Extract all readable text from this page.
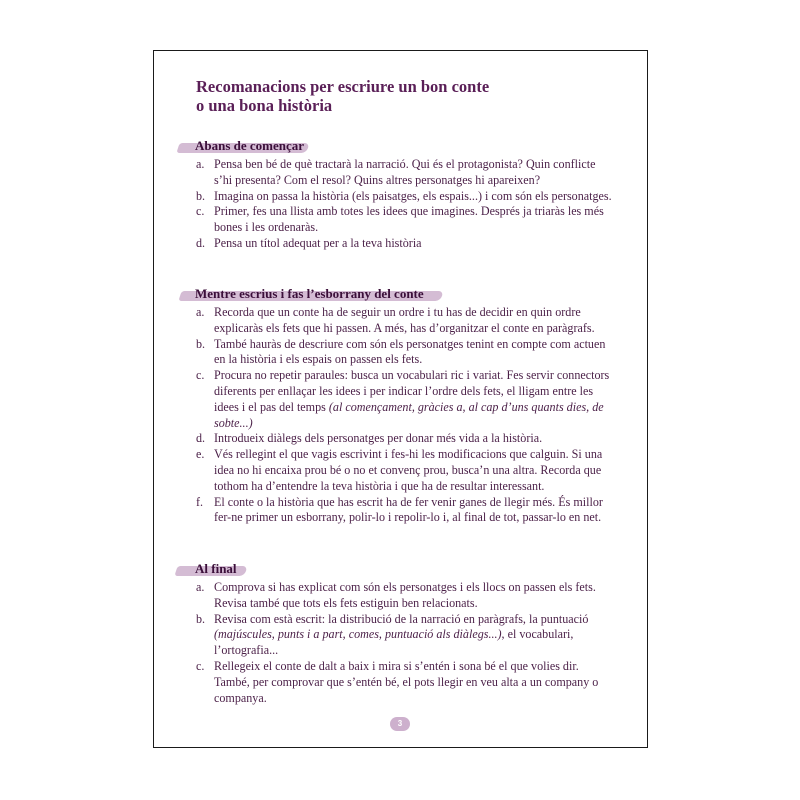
Recomanacions per escriure un bon conte
o una bona història
Abans de començar
a. Pensa ben bé de què tractarà la narració. Qui és el protagonista? Quin conflicte s’hi presenta? Com el resol? Quins altres personatges hi apareixen?
b. Imagina on passa la història (els paisatges, els espais...) i com són els personatges.
c. Primer, fes una llista amb totes les idees que imagines. Després ja triaràs les més bones i les ordenaràs.
d. Pensa un títol adequat per a la teva història
Mentre escrius i fas l’esborrany del conte
a. Recorda que un conte ha de seguir un ordre i tu has de decidir en quin ordre explicaràs els fets que hi passen. A més, has d’organitzar el conte en paràgrafs.
b. També hauràs de descriure com són els personatges tenint en compte com actuen en la història i els espais on passen els fets.
c. Procura no repetir paraules: busca un vocabulari ric i variat. Fes servir connectors diferents per enllaçar les idees i per indicar l’ordre dels fets, el lligam entre les idees i el pas del temps (al començament, gràcies a, al cap d’uns quants dies, de sobte...)
d. Introdueix diàlegs dels personatges per donar més vida a la història.
e. Vés rellegint el que vagis escrivint i fes-hi les modificacions que calguin. Si una idea no hi encaixa prou bé o no et convenç prou, busca’n una altra. Recorda que tothom ha d’entendre la teva història i que ha de resultar interessant.
f. El conte o la història que has escrit ha de fer venir ganes de llegir més. És millor fer-ne primer un esborrany, polir-lo i repolir-lo i, al final de tot, passar-lo en net.
Al final
a. Comprova si has explicat com són els personatges i els llocs on passen els fets. Revisa també que tots els fets estiguin ben relacionats.
b. Revisa com està escrit: la distribució de la narració en paràgrafs, la puntuació (majúscules, punts i a part, comes, puntuació als diàlegs...), el vocabulari, l’ortografia...
c. Rellegeix el conte de dalt a baix i mira si s’entén i sona bé el que volies dir. També, per comprovar que s’entén bé, el pots llegir en veu alta a un company o companya.
3
